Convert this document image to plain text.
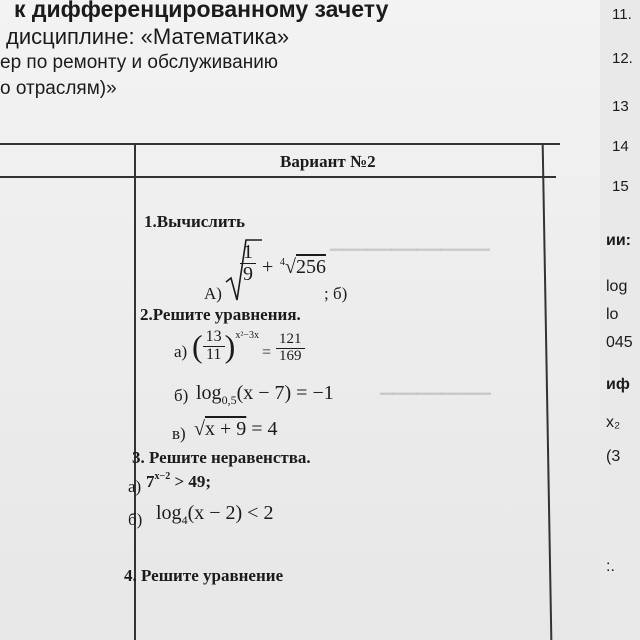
к дифференцированному зачету
дисциплине: «Математика»
ер по ремонту и обслуживанию
о отраслям)»
▁▁▁▁▁▁▁▁▁▁▁▁▁
▁▁▁▁▁▁▁▁▁
Вариант №2
1.Вычислить
А)
$\frac{1}{9} + ^4√256$
; б)
2.Решите уравнения.
а) ( $\frac{13}{11} )^{x^2-3x}$
= $\frac{121}{169}$
б) $\log_{0,5}(x - 7) = -1$
в) √x + 9 = 4
3. Решите неравенства.
а) $7^{x-2} > 49$;
б) $\log_4(x - 2) < 2$
4. Решите уравнение
11.
12.
13
14
15
ии:
log
lo
045
иф
x₂
(3
:.
